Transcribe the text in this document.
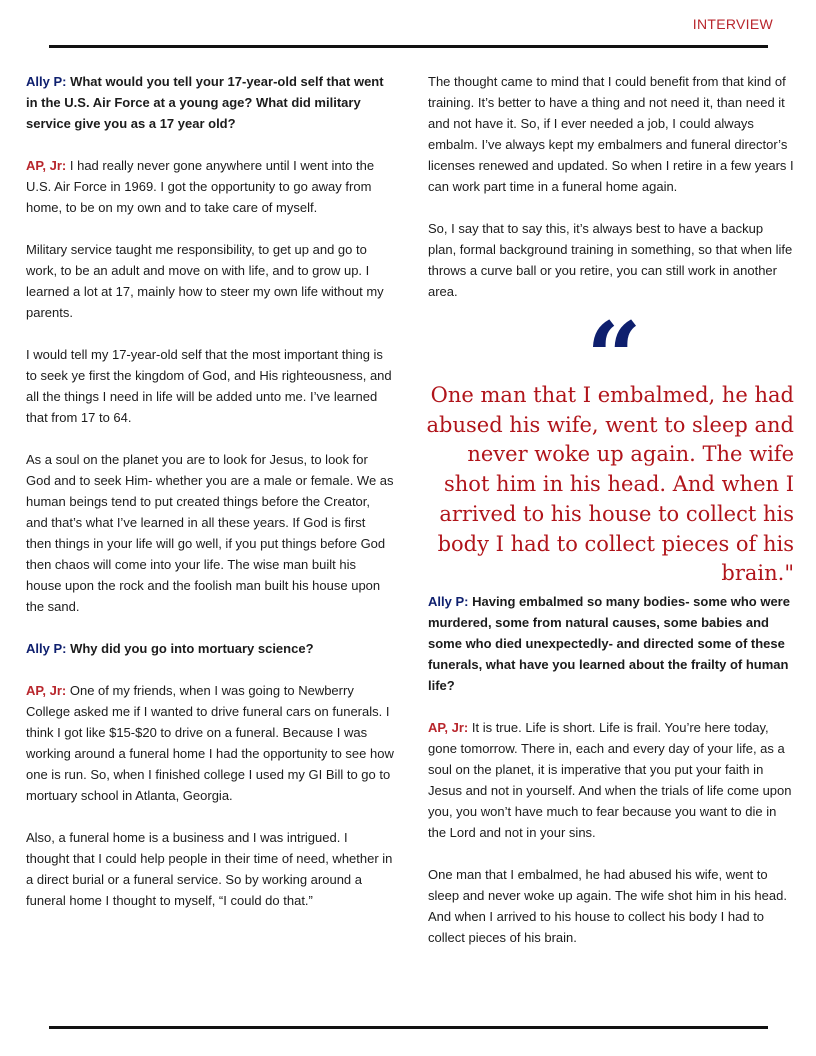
INTERVIEW

Ally P: What would you tell your 17-year-old self that went in the U.S. Air Force at a young age? What did military service give you as a 17 year old?

AP, Jr: I had really never gone anywhere until I went into the U.S. Air Force in 1969. I got the opportunity to go away from home, to be on my own and to take care of myself.

Military service taught me responsibility, to get up and go to work, to be an adult and move on with life, and to grow up. I learned a lot at 17, mainly how to steer my own life without my parents.

I would tell my 17-year-old self that the most important thing is to seek ye first the kingdom of God, and His righteousness, and all the things I need in life will be added unto me. I’ve learned that from 17 to 64.

As a soul on the planet you are to look for Jesus, to look for God and to seek Him- whether you are a male or female. We as human beings tend to put created things before the Creator, and that’s what I’ve learned in all these years. If God is first then things in your life will go well, if you put things before God then chaos will come into your life. The wise man built his house upon the rock and the foolish man built his house upon the sand.

Ally P: Why did you go into mortuary science?

AP, Jr: One of my friends, when I was going to Newberry College asked me if I wanted to drive funeral cars on funerals. I think I got like $15-$20 to drive on a funeral. Because I was working around a funeral home I had the opportunity to see how one is run. So, when I finished college I used my GI Bill to go to mortuary school in Atlanta, Georgia.

Also, a funeral home is a business and I was intrigued. I thought that I could help people in their time of need, whether in a direct burial or a funeral service. So by working around a funeral home I thought to myself, “I could do that.”

The thought came to mind that I could benefit from that kind of training. It’s better to have a thing and not need it, than need it and not have it. So, if I ever needed a job, I could always embalm. I’ve always kept my embalmers and funeral director’s licenses renewed and updated. So when I retire in a few years I can work part time in a funeral home again.

So, I say that to say this, it’s always best to have a backup plan, formal background training in something, so that when life throws a curve ball or you retire, you can still work in another area.

“
One man that I embalmed, he had abused his wife, went to sleep and never woke up again. The wife shot him in his head. And when I arrived to his house to collect his body I had to collect pieces of his brain."

Ally P: Having embalmed so many bodies- some who were murdered, some from natural causes, some babies and some who died unexpectedly- and directed some of these funerals, what have you learned about the frailty of human life?

AP, Jr: It is true. Life is short. Life is frail. You’re here today, gone tomorrow. There in, each and every day of your life, as a soul on the planet, it is imperative that you put your faith in Jesus and not in yourself. And when the trials of life come upon you, you won’t have much to fear because you want to die in the Lord and not in your sins.

One man that I embalmed, he had abused his wife, went to sleep and never woke up again. The wife shot him in his head. And when I arrived to his house to collect his body I had to collect pieces of his brain.
